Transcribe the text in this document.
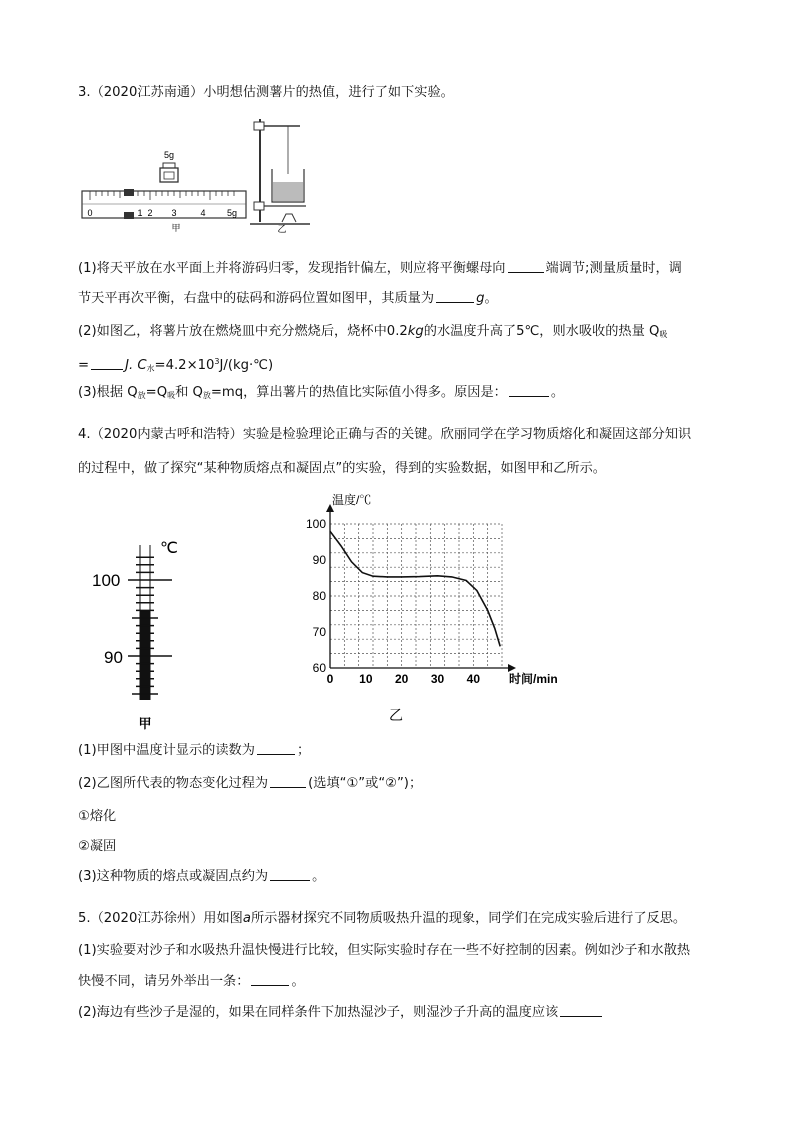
3.（2020江苏南通）小明想估测薯片的热值，进行了如下实验。
0	1 2 3	4 5g
5g
甲	乙
(1)将天平放在水平面上并将游码归零，发现指针偏左，则应将平衡螺母向	端调节;测量质量时，调
节天平再次平衡，右盘中的砝码和游码位置如图甲，其质量为	g。
(2)如图乙，将薯片放在燃烧皿中充分燃烧后，烧杯中0.2kg的水温度升高了5℃，则水吸收的热量 $Q_吸$
=	J. $C_水=4.2\times 10^3J/(kg\cdot℃)$
(3)根据 $Q_放=Q_吸$和 $Q_放=mq$，算出薯片的热值比实际值小得多。原因是：	。
4.（2020内蒙古呼和浩特）实验是检验理论正确与否的关键。欣丽同学在学习物质熔化和凝固这部分知识
的过程中，做了探究“某种物质熔点和凝固点”的实验，得到的实验数据，如图甲和乙所示。
℃
100
90
甲
温度/℃
0 10 20 30 40
60
70
80
90
100
时间/min
乙
(1)甲图中温度计显示的读数为	；
(2)乙图所代表的物态变化过程为	(选填“①”或“②”)；
①熔化
②凝固
(3)这种物质的熔点或凝固点约为	。
5.（2020江苏徐州）用如图a所示器材探究不同物质吸热升温的现象，同学们在完成实验后进行了反思。
(1)实验要对沙子和水吸热升温快慢进行比较，但实际实验时存在一些不好控制的因素。例如沙子和水散热
快慢不同，请另外举出一条：	。
(2)海边有些沙子是湿的，如果在同样条件下加热湿沙子，则湿沙子升高的温度应该
